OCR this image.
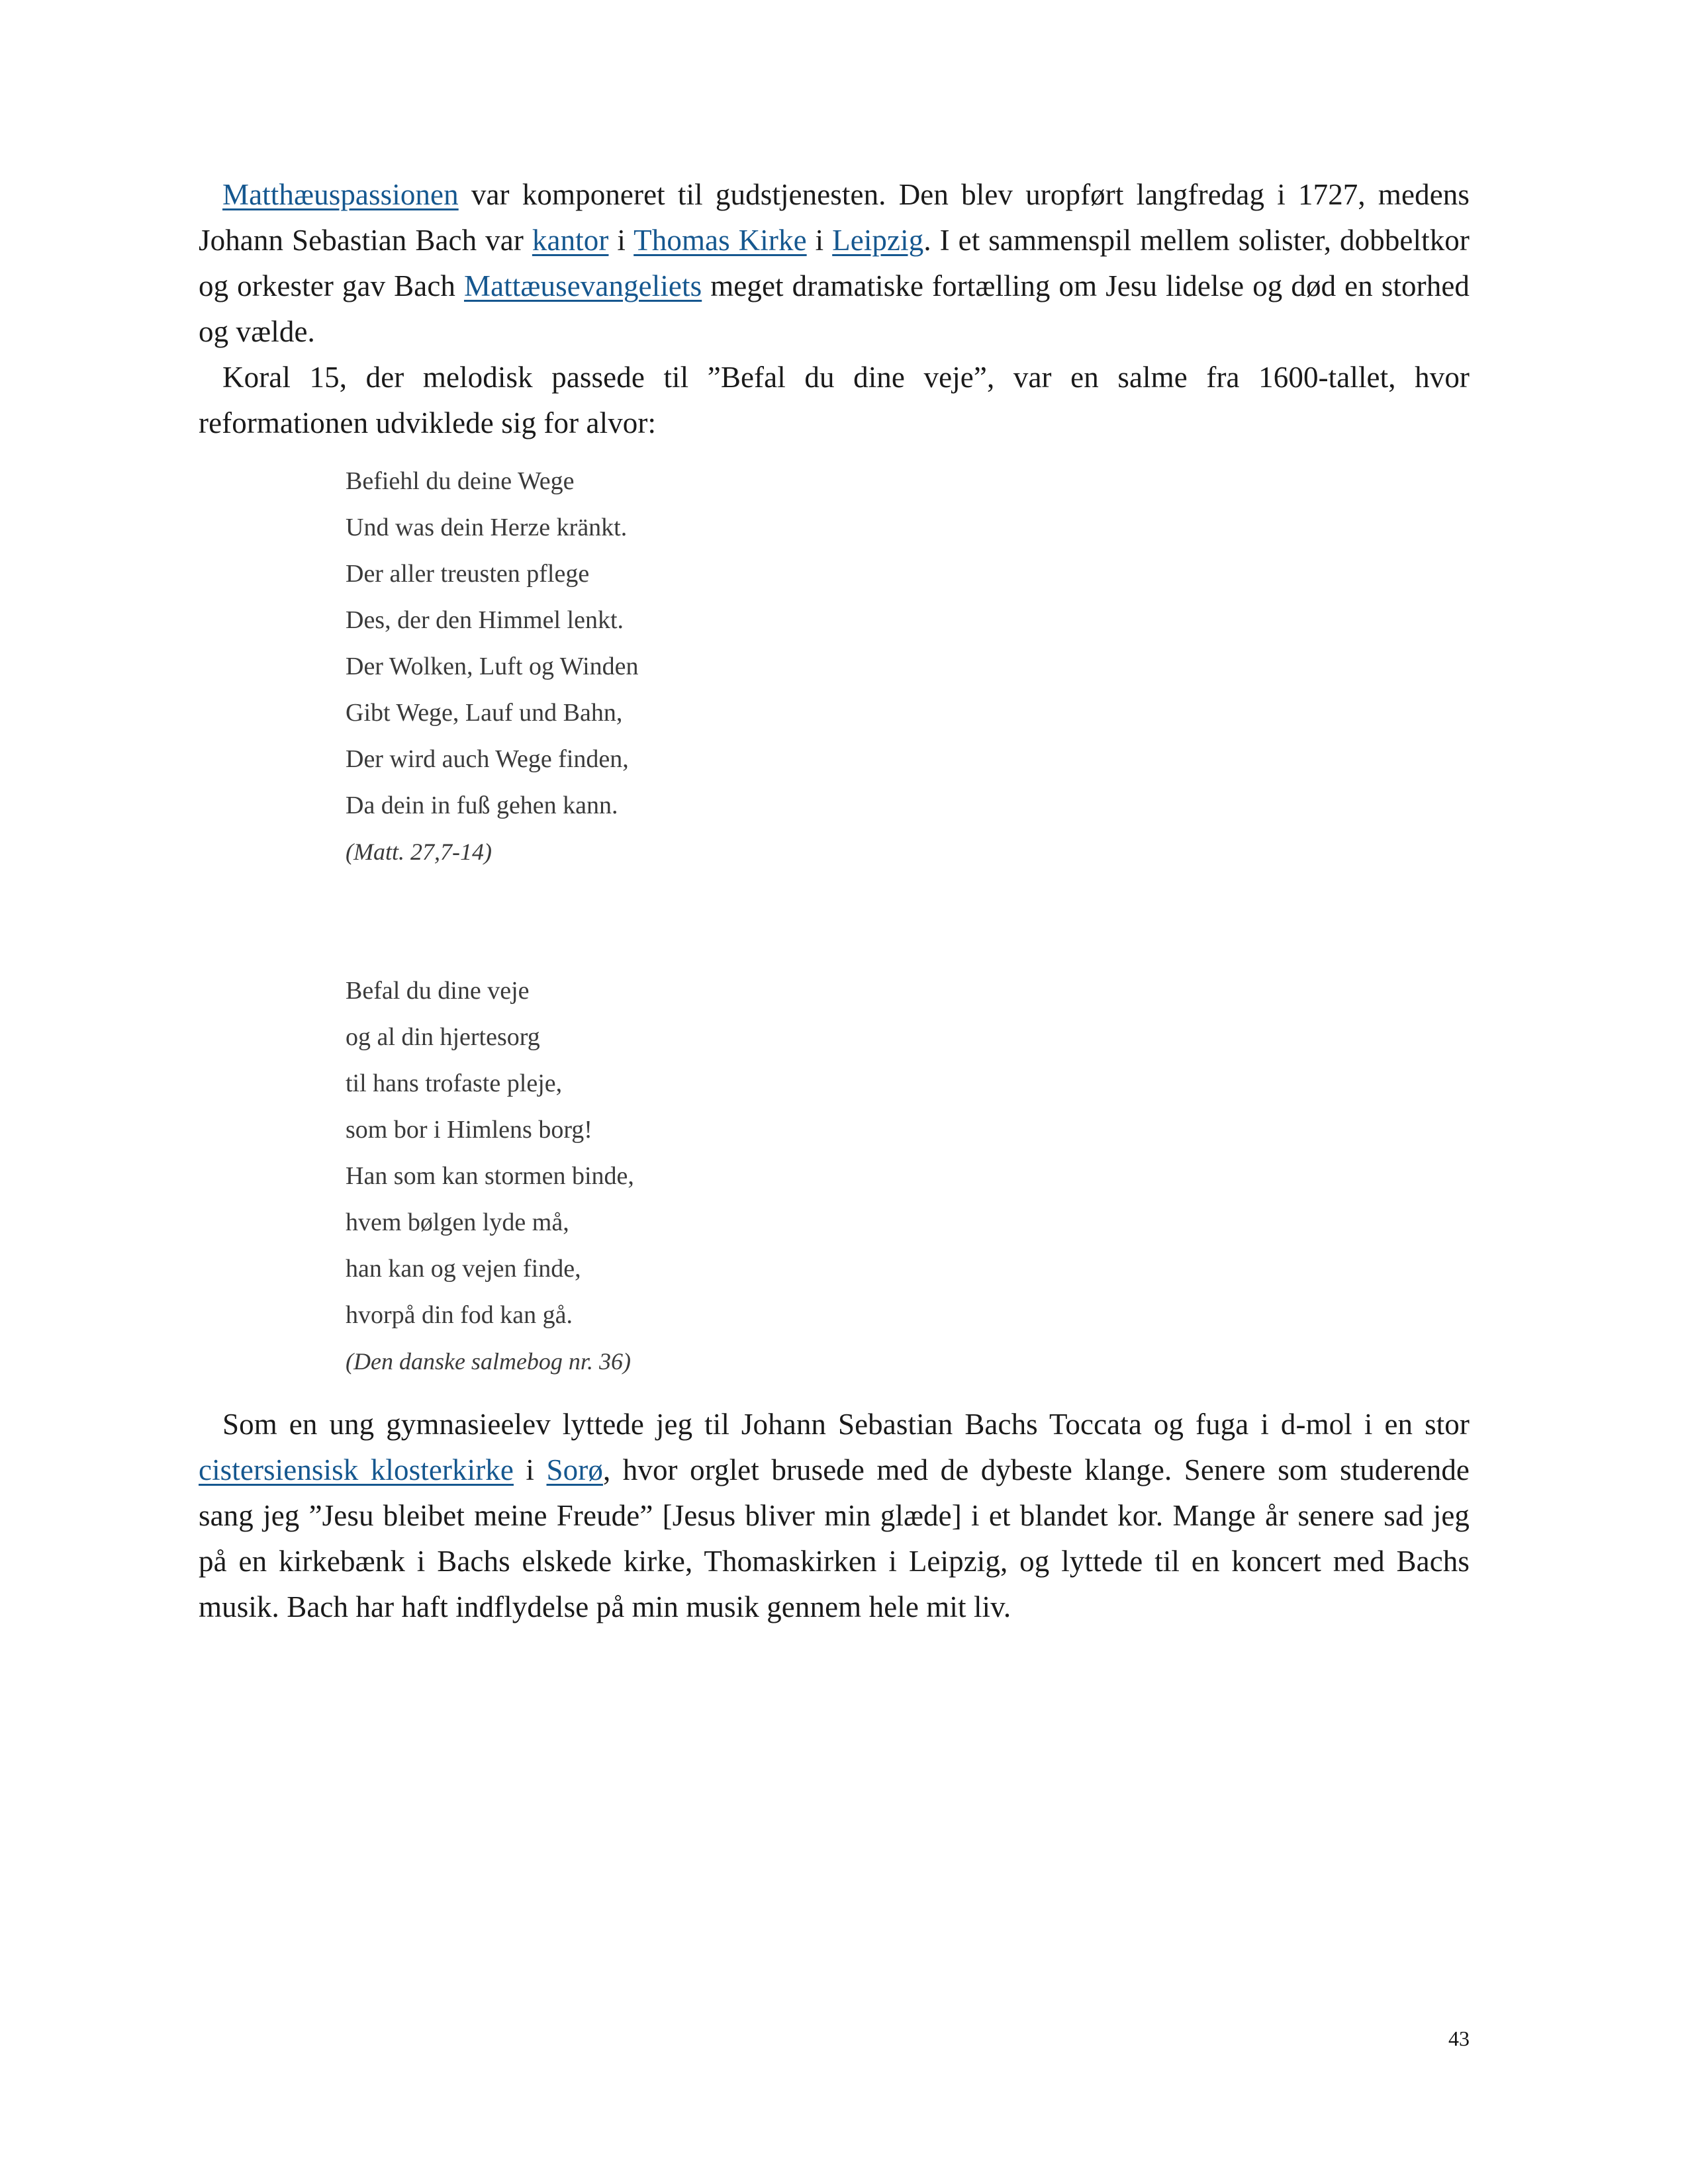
Matthæuspassionen var komponeret til gudstjenesten. Den blev uropført langfredag i 1727, medens Johann Sebastian Bach var kantor i Thomas Kirke i Leipzig. I et sammenspil mellem solister, dobbeltkor og orkester gav Bach Mattæusevangeliets meget dramatiske fortælling om Jesu lidelse og død en storhed og vælde.

Koral 15, der melodisk passede til ”Befal du dine veje”, var en salme fra 1600-tallet, hvor reformationen udviklede sig for alvor:

Befiehl du deine Wege

Und was dein Herze kränkt.

Der aller treusten pflege

Des, der den Himmel lenkt.

Der Wolken, Luft og Winden

Gibt Wege, Lauf und Bahn,

Der wird auch Wege finden,

Da dein in fuß gehen kann.

(Matt. 27,7-14)

Befal du dine veje

og al din hjertesorg

til hans trofaste pleje,

som bor i Himlens borg!

Han som kan stormen binde,

hvem bølgen lyde må,

han kan og vejen finde,

hvorpå din fod kan gå.

(Den danske salmebog nr. 36)

Som en ung gymnasieelev lyttede jeg til Johann Sebastian Bachs Toccata og fuga i d-mol i en stor cistersiensisk klosterkirke i Sorø, hvor orglet brusede med de dybeste klange. Senere som studerende sang jeg ”Jesu bleibet meine Freude” [Jesus bliver min glæde] i et blandet kor. Mange år senere sad jeg på en kirkebænk i Bachs elskede kirke, Thomaskirken i Leipzig, og lyttede til en koncert med Bachs musik. Bach har haft indflydelse på min musik gennem hele mit liv.

43
